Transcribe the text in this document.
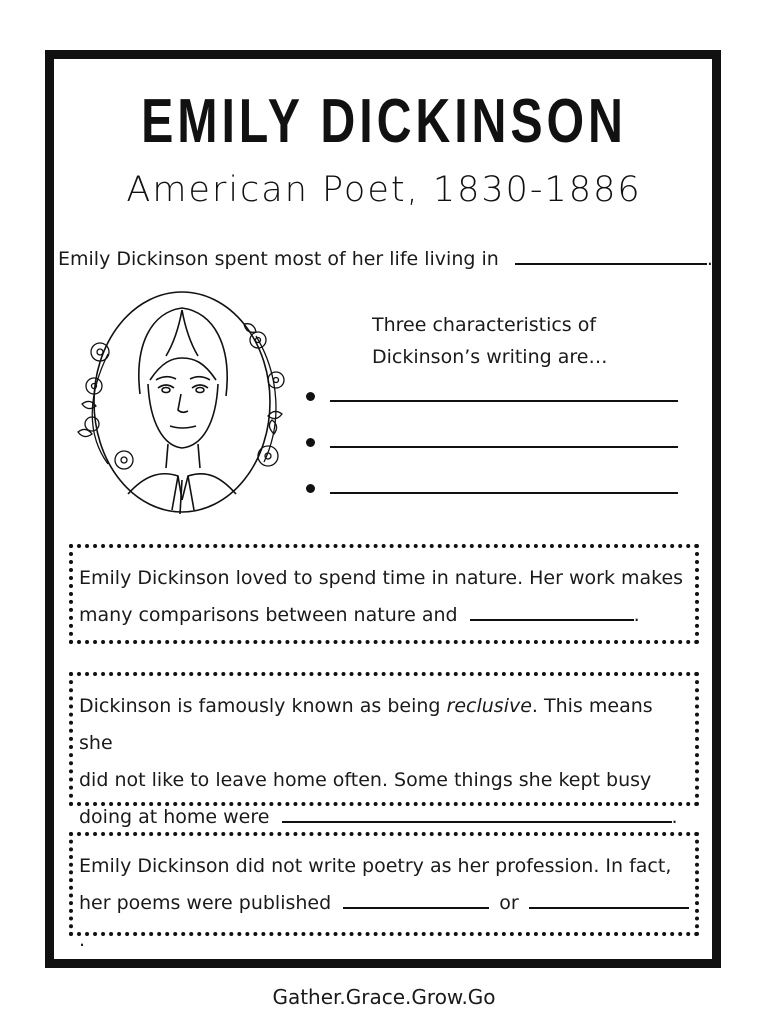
EMILY DICKINSON
American Poet, 1830-1886
Emily Dickinson spent most of her life living in	.
Three characteristics of
Dickinson’s writing are…
Emily Dickinson loved to spend time in nature. Her work makes
many comparisons between nature and	.
Dickinson is famously known as being reclusive. This means she
did not like to leave home often. Some things she kept busy
doing at home were	.
Emily Dickinson did not write poetry as her profession. In fact,
her poems were published	or .
Gather.Grace.Grow.Go
